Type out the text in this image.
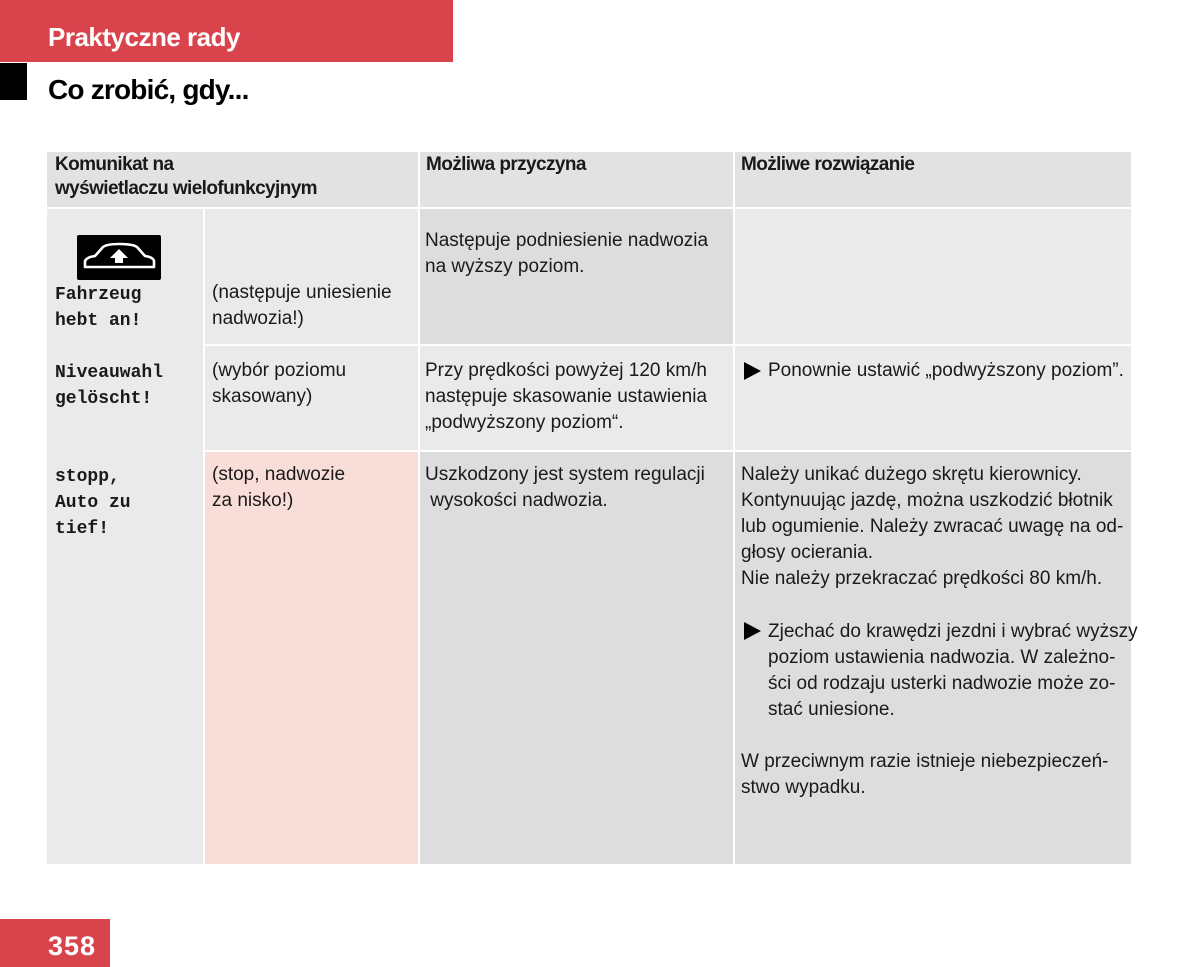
Praktyczne rady
Co zrobić, gdy...
Komunikat na
wyświetlaczu wielofunkcyjnym
Możliwa przyczyna	Możliwe rozwiązanie
Fahrzeug
hebt an!
(następuje uniesienie
nadwozia!)
Następuje podniesienie nadwozia
na wyższy poziom.
Niveauwahl
gelöscht!
(wybór poziomu
skasowany)
Przy prędkości powyżej 120 km/h
następuje skasowanie ustawienia
„podwyższony poziom“.
Ponownie ustawić „podwyższony poziom”.
stopp,
Auto zu
tief!
(stop, nadwozie
za nisko!)
Uszkodzony jest system regulacji
wysokości nadwozia.
Należy unikać dużego skrętu kierownicy.
Kontynuując jazdę, można uszkodzić błotnik
lub ogumienie. Należy zwracać uwagę na od-
głosy ocierania.
Nie należy przekraczać prędkości 80 km/h.
Zjechać do krawędzi jezdni i wybrać wyższy
poziom ustawienia nadwozia. W zależno-
ści od rodzaju usterki nadwozie może zo-
stać uniesione.
W przeciwnym razie istnieje niebezpieczeń-
stwo wypadku.
358
